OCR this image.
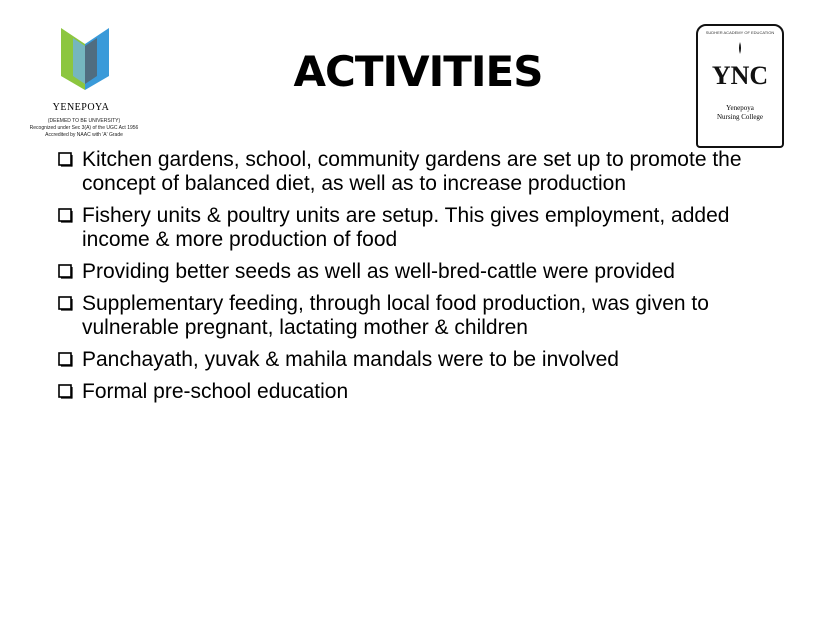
YENEPOYA
(DEEMED TO BE UNIVERSITY)
Recognized under Sec 3(A) of the UGC Act 1956
Accredited by NAAC with 'A' Grade
ACTIVITIES
SUDHER ACADEMY OF EDUCATION
YNC
Yenepoya
Nursing College
Kitchen gardens, school, community gardens are set up to promote the concept of balanced diet, as well as to increase production
Fishery units & poultry units are setup. This gives employment, added income & more production of food
Providing better seeds as well as well-bred-cattle were provided
Supplementary feeding, through local food production, was given to vulnerable pregnant, lactating mother & children
Panchayath, yuvak & mahila mandals were to be involved
Formal pre-school education
